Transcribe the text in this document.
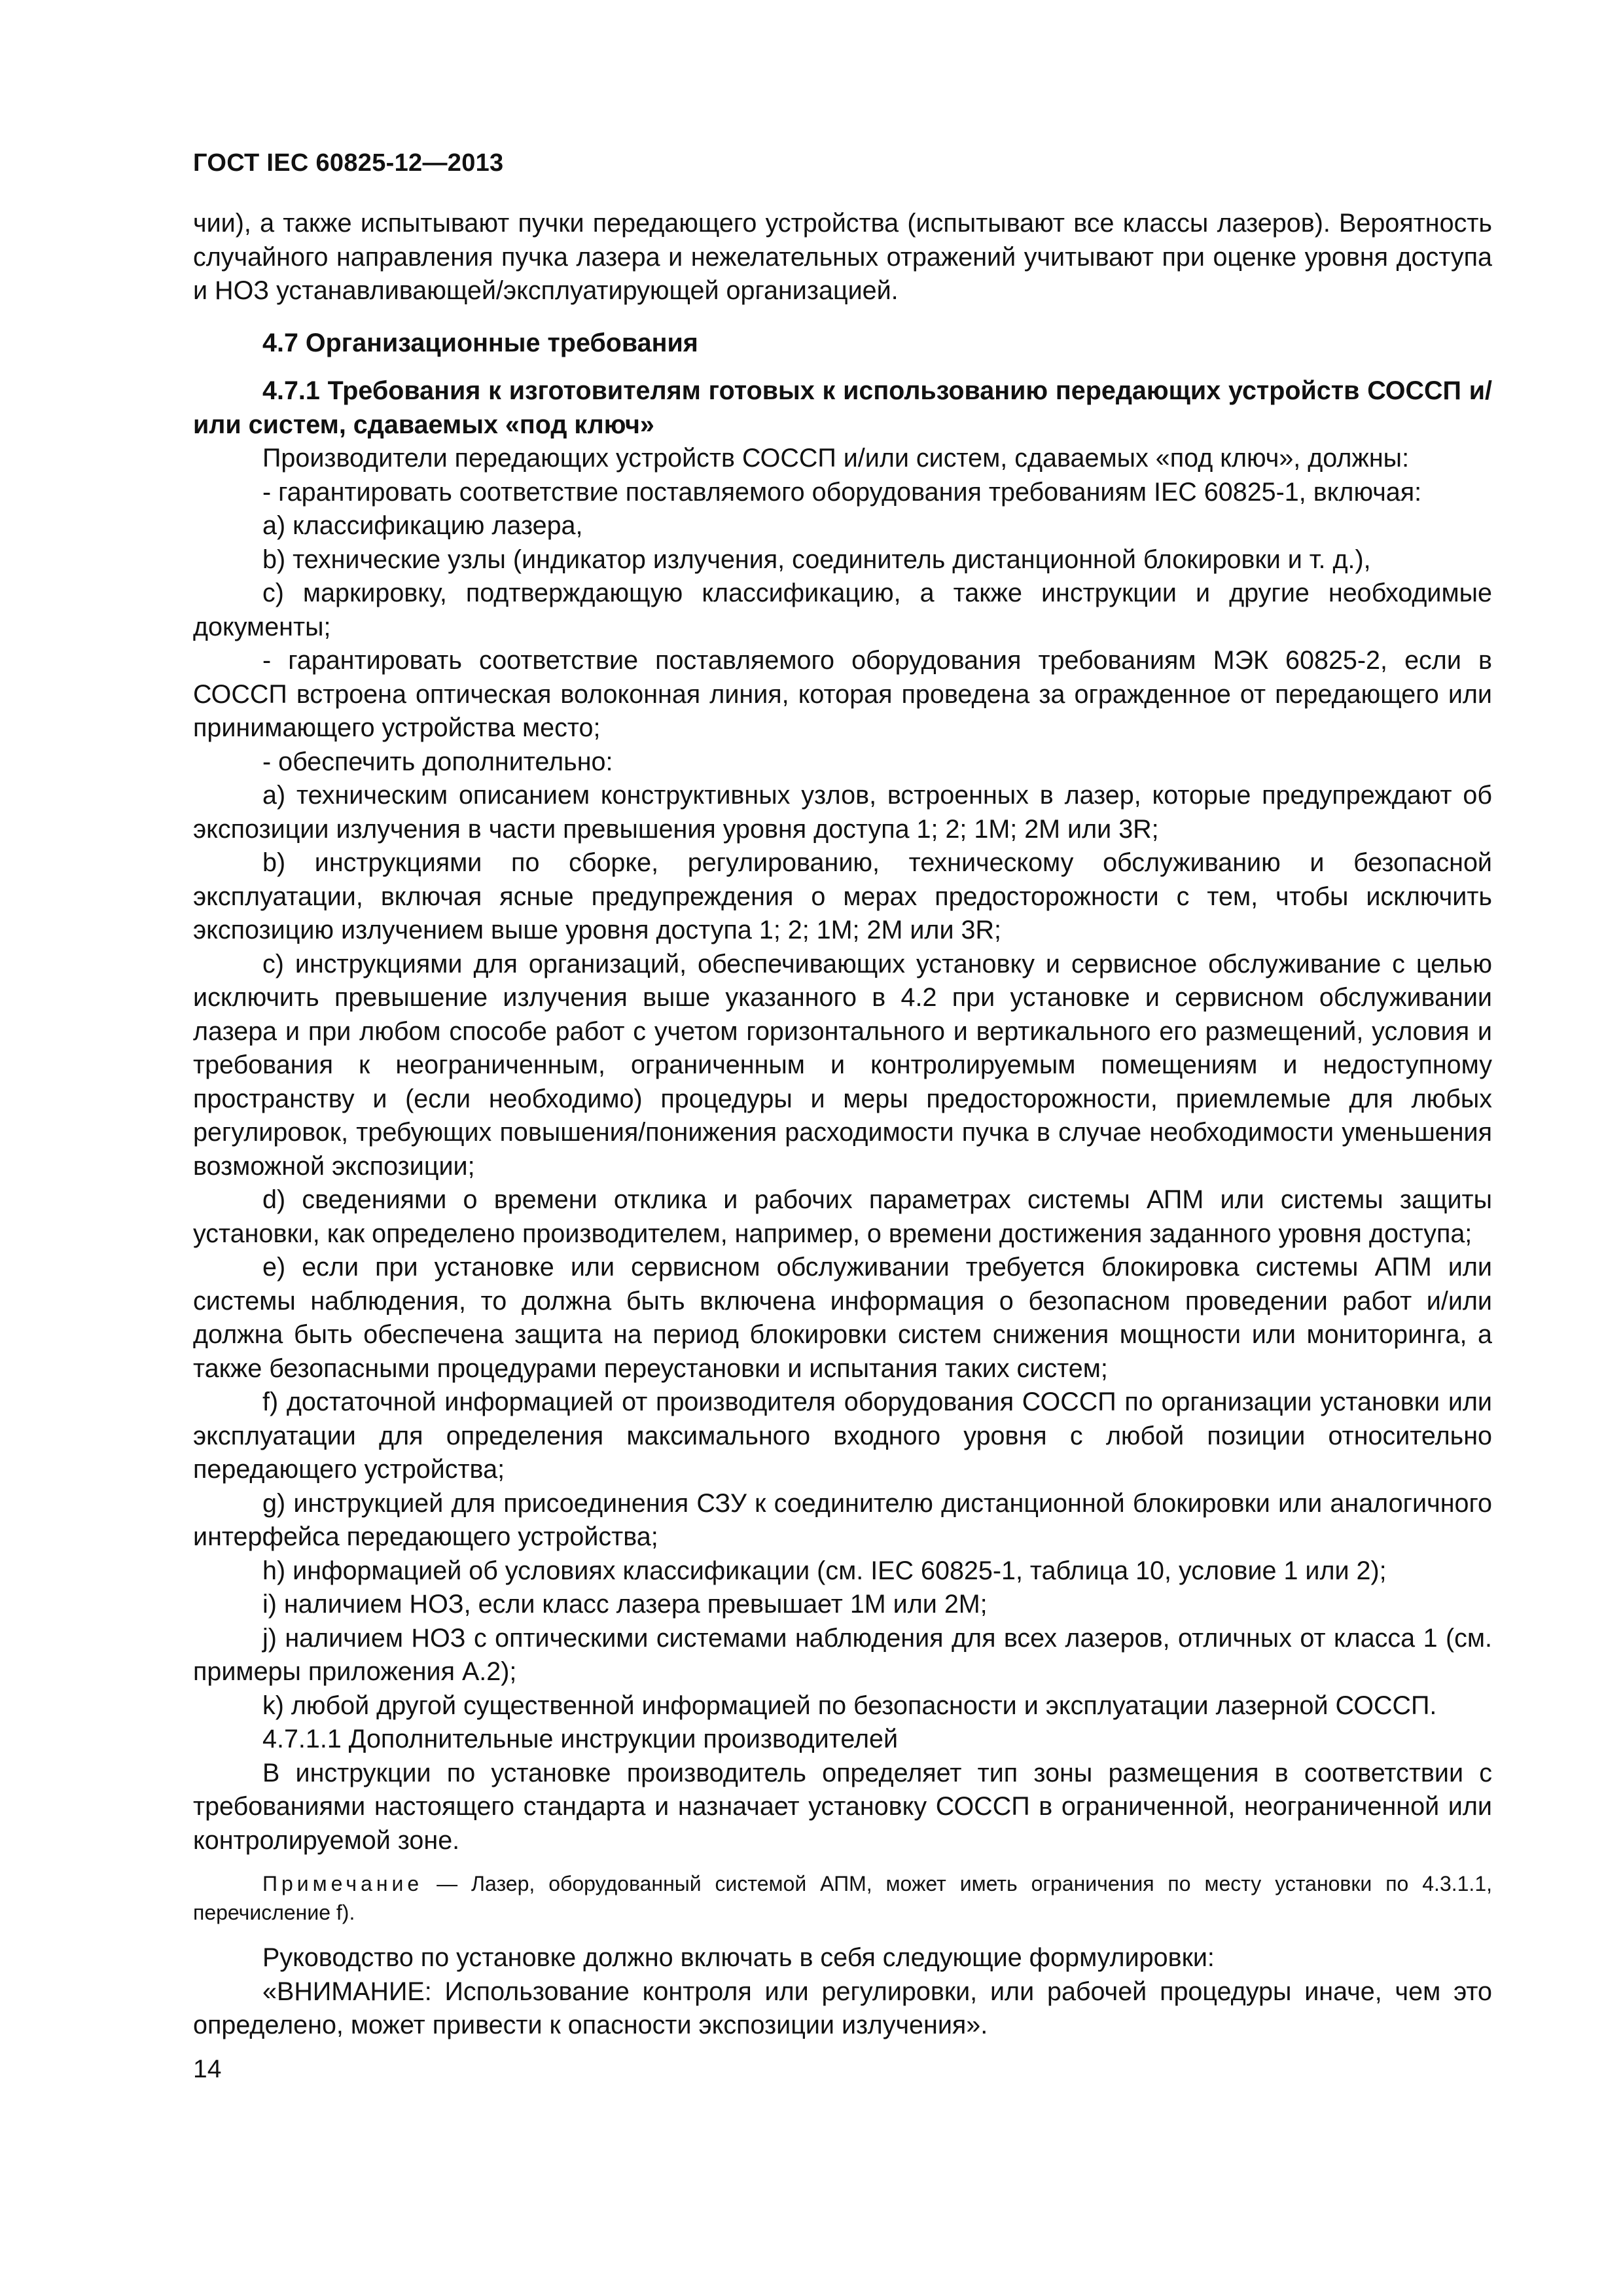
ГОСТ IEC 60825-12—2013

чии), а также испытывают пучки передающего устройства (испытывают все классы лазеров). Вероятность случайного направления пучка лазера и нежелательных отражений учитывают при оценке уровня доступа и НОЗ устанавливающей/эксплуатирующей организацией.

4.7 Организационные требования

4.7.1 Требования к изготовителям готовых к использованию передающих устройств СОССП и/или систем, сдаваемых «под ключ»

Производители передающих устройств СОССП и/или систем, сдаваемых «под ключ», должны:

- гарантировать соответствие поставляемого оборудования требованиям IEC 60825-1, включая:

а) классификацию лазера,

b) технические узлы (индикатор излучения, соединитель дистанционной блокировки и т. д.),

с) маркировку, подтверждающую классификацию, а также инструкции и другие необходимые документы;

- гарантировать соответствие поставляемого оборудования требованиям МЭК 60825-2, если в СОССП встроена оптическая волоконная линия, которая проведена за огражденное от передающего или принимающего устройства место;

- обеспечить дополнительно:

а) техническим описанием конструктивных узлов, встроенных в лазер, которые предупреждают об экспозиции излучения в части превышения уровня доступа 1; 2; 1М; 2М или 3R;

b) инструкциями по сборке, регулированию, техническому обслуживанию и безопасной эксплуатации, включая ясные предупреждения о мерах предосторожности с тем, чтобы исключить экспозицию излучением выше уровня доступа 1; 2; 1М; 2М или 3R;

с) инструкциями для организаций, обеспечивающих установку и сервисное обслуживание с целью исключить превышение излучения выше указанного в 4.2 при установке и сервисном обслуживании лазера и при любом способе работ с учетом горизонтального и вертикального его размещений, условия и требования к неограниченным, ограниченным и контролируемым помещениям и недоступному пространству и (если необходимо) процедуры и меры предосторожности, приемлемые для любых регулировок, требующих повышения/понижения расходимости пучка в случае необходимости уменьшения возможной экспозиции;

d) сведениями о времени отклика и рабочих параметрах системы АПМ или системы защиты установки, как определено производителем, например, о времени достижения заданного уровня доступа;

е) если при установке или сервисном обслуживании требуется блокировка системы АПМ или системы наблюдения, то должна быть включена информация о безопасном проведении работ и/или должна быть обеспечена защита на период блокировки систем снижения мощности или мониторинга, а также безопасными процедурами переустановки и испытания таких систем;

f) достаточной информацией от производителя оборудования СОССП по организации установки или эксплуатации для определения максимального входного уровня с любой позиции относительно передающего устройства;

g) инструкцией для присоединения СЗУ к соединителю дистанционной блокировки или аналогичного интерфейса передающего устройства;

h) информацией об условиях классификации (см. IEC 60825-1, таблица 10, условие 1 или 2);

i) наличием НОЗ, если класс лазера превышает 1М или 2М;

j) наличием НОЗ с оптическими системами наблюдения для всех лазеров, отличных от класса 1 (см. примеры приложения А.2);

k) любой другой существенной информацией по безопасности и эксплуатации лазерной СОССП.

4.7.1.1 Дополнительные инструкции производителей

В инструкции по установке производитель определяет тип зоны размещения в соответствии с требованиями настоящего стандарта и назначает установку СОССП в ограниченной, неограниченной или контролируемой зоне.

Примечание — Лазер, оборудованный системой АПМ, может иметь ограничения по месту установки по 4.3.1.1, перечисление f).

Руководство по установке должно включать в себя следующие формулировки:

«ВНИМАНИЕ: Использование контроля или регулировки, или рабочей процедуры иначе, чем это определено, может привести к опасности экспозиции излучения».

14
